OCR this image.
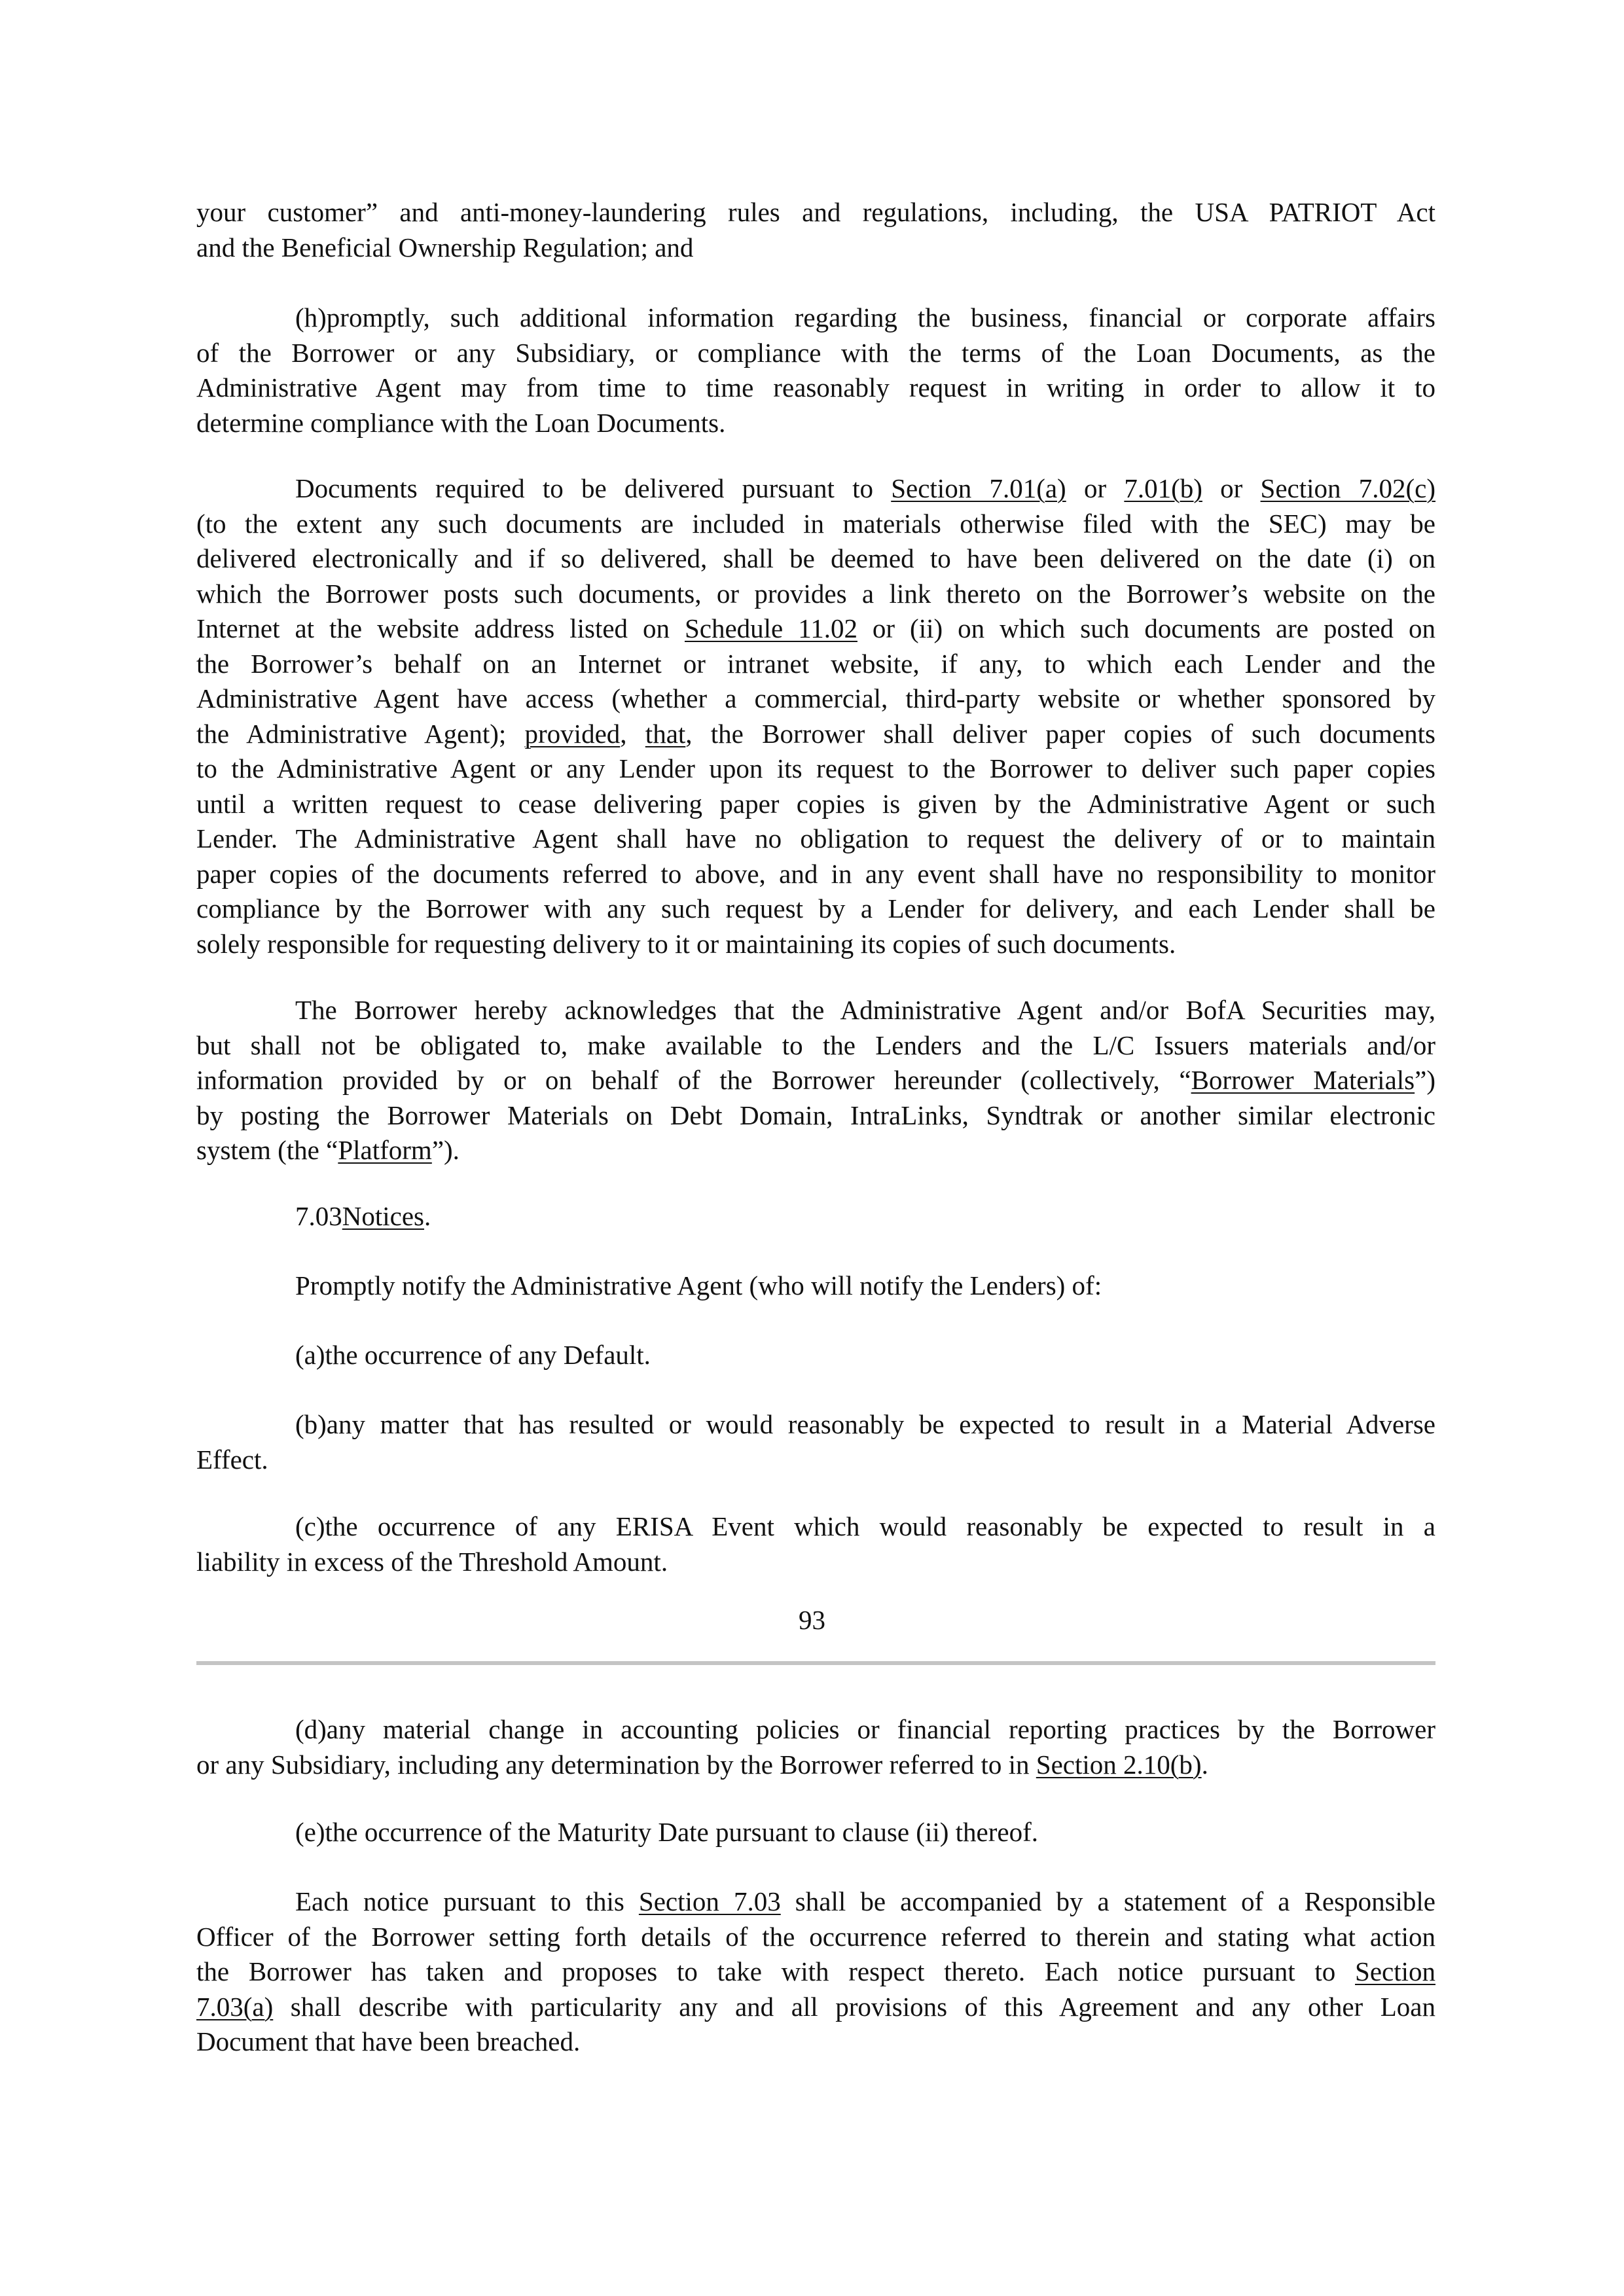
your customer” and anti-money-laundering rules and regulations, including, the USA PATRIOT Act
and the Beneficial Ownership Regulation; and
(h)promptly, such additional information regarding the business, financial or corporate affairs
of the Borrower or any Subsidiary, or compliance with the terms of the Loan Documents, as the
Administrative Agent may from time to time reasonably request in writing in order to allow it to
determine compliance with the Loan Documents.
Documents required to be delivered pursuant to Section 7.01(a) or 7.01(b) or Section 7.02(c)
(to the extent any such documents are included in materials otherwise filed with the SEC) may be
delivered electronically and if so delivered, shall be deemed to have been delivered on the date (i) on
which the Borrower posts such documents, or provides a link thereto on the Borrower’s website on the
Internet at the website address listed on Schedule 11.02 or (ii) on which such documents are posted on
the Borrower’s behalf on an Internet or intranet website, if any, to which each Lender and the
Administrative Agent have access (whether a commercial, third-party website or whether sponsored by
the Administrative Agent); provided, that, the Borrower shall deliver paper copies of such documents
to the Administrative Agent or any Lender upon its request to the Borrower to deliver such paper copies
until a written request to cease delivering paper copies is given by the Administrative Agent or such
Lender. The Administrative Agent shall have no obligation to request the delivery of or to maintain
paper copies of the documents referred to above, and in any event shall have no responsibility to monitor
compliance by the Borrower with any such request by a Lender for delivery, and each Lender shall be
solely responsible for requesting delivery to it or maintaining its copies of such documents.
The Borrower hereby acknowledges that the Administrative Agent and/or BofA Securities may,
but shall not be obligated to, make available to the Lenders and the L/C Issuers materials and/or
information provided by or on behalf of the Borrower hereunder (collectively, “Borrower Materials”)
by posting the Borrower Materials on Debt Domain, IntraLinks, Syndtrak or another similar electronic
system (the “Platform”).
7.03Notices.
Promptly notify the Administrative Agent (who will notify the Lenders) of:
(a)the occurrence of any Default.
(b)any matter that has resulted or would reasonably be expected to result in a Material Adverse
Effect.
(c)the occurrence of any ERISA Event which would reasonably be expected to result in a
liability in excess of the Threshold Amount.
93
(d)any material change in accounting policies or financial reporting practices by the Borrower
or any Subsidiary, including any determination by the Borrower referred to in Section 2.10(b).
(e)the occurrence of the Maturity Date pursuant to clause (ii) thereof.
Each notice pursuant to this Section 7.03 shall be accompanied by a statement of a Responsible
Officer of the Borrower setting forth details of the occurrence referred to therein and stating what action
the Borrower has taken and proposes to take with respect thereto. Each notice pursuant to Section
7.03(a) shall describe with particularity any and all provisions of this Agreement and any other Loan
Document that have been breached.
